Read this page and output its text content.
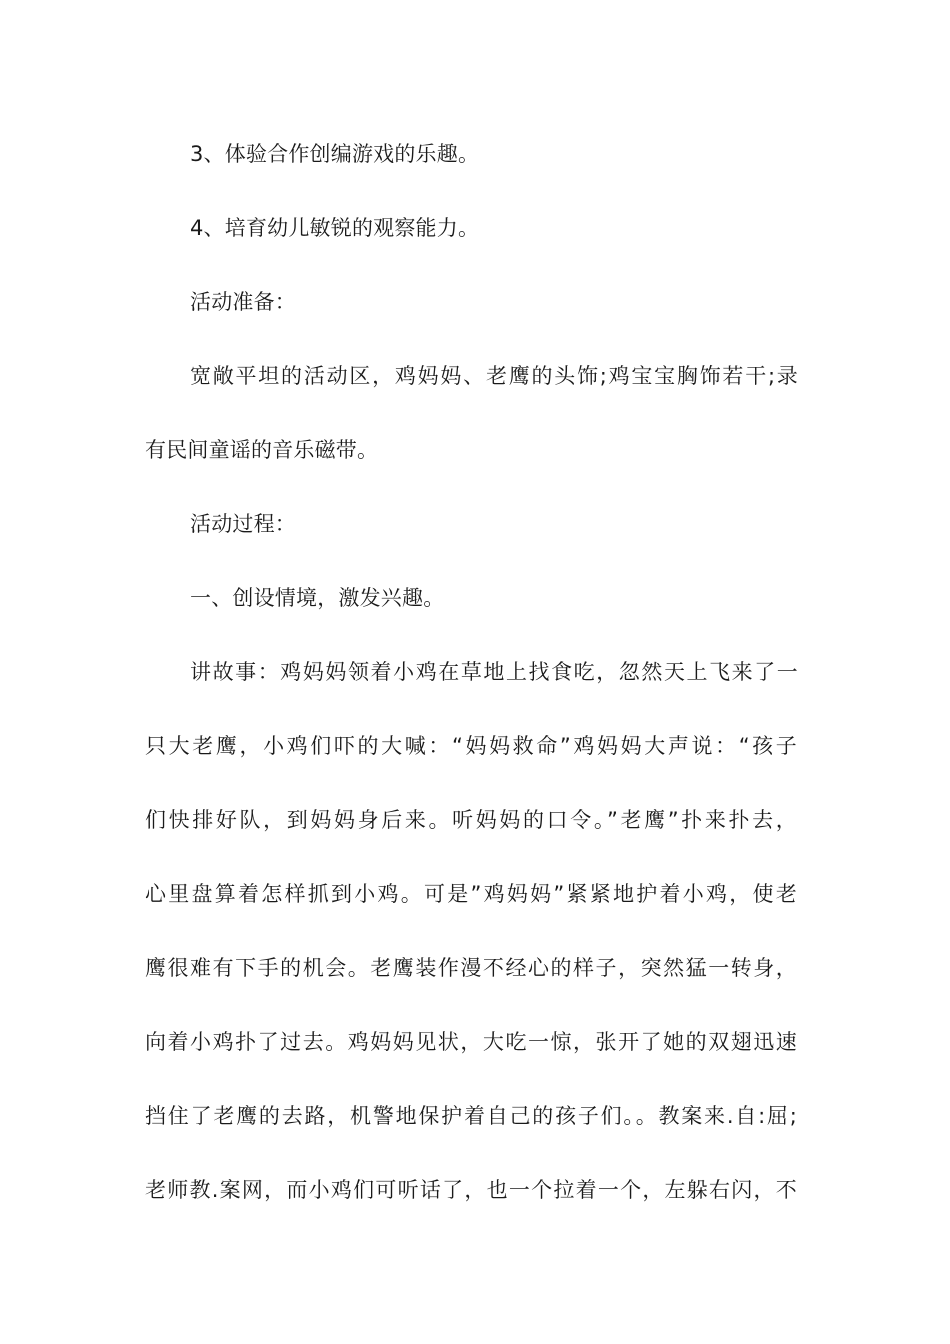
3、体验合作创编游戏的乐趣。
4、培育幼儿敏锐的观察能力。
活动准备：
宽敞平坦的活动区，鸡妈妈、老鹰的头饰;鸡宝宝胸饰若干;录
有民间童谣的音乐磁带。
活动过程：
一、创设情境，激发兴趣。
讲故事：鸡妈妈领着小鸡在草地上找食吃，忽然天上飞来了一
只大老鹰，小鸡们吓的大喊：“妈妈救命”鸡妈妈大声说：“孩子
们快排好队，到妈妈身后来。听妈妈的口令。”老鹰”扑来扑去，
心里盘算着怎样抓到小鸡。可是”鸡妈妈”紧紧地护着小鸡，使老
鹰很难有下手的机会。老鹰装作漫不经心的样子，突然猛一转身，
向着小鸡扑了过去。鸡妈妈见状，大吃一惊，张开了她的双翅迅速
挡住了老鹰的去路，机警地保护着自己的孩子们。。教案来.自:屈;
老师教.案网，而小鸡们可听话了，也一个拉着一个，左躲右闪，不
